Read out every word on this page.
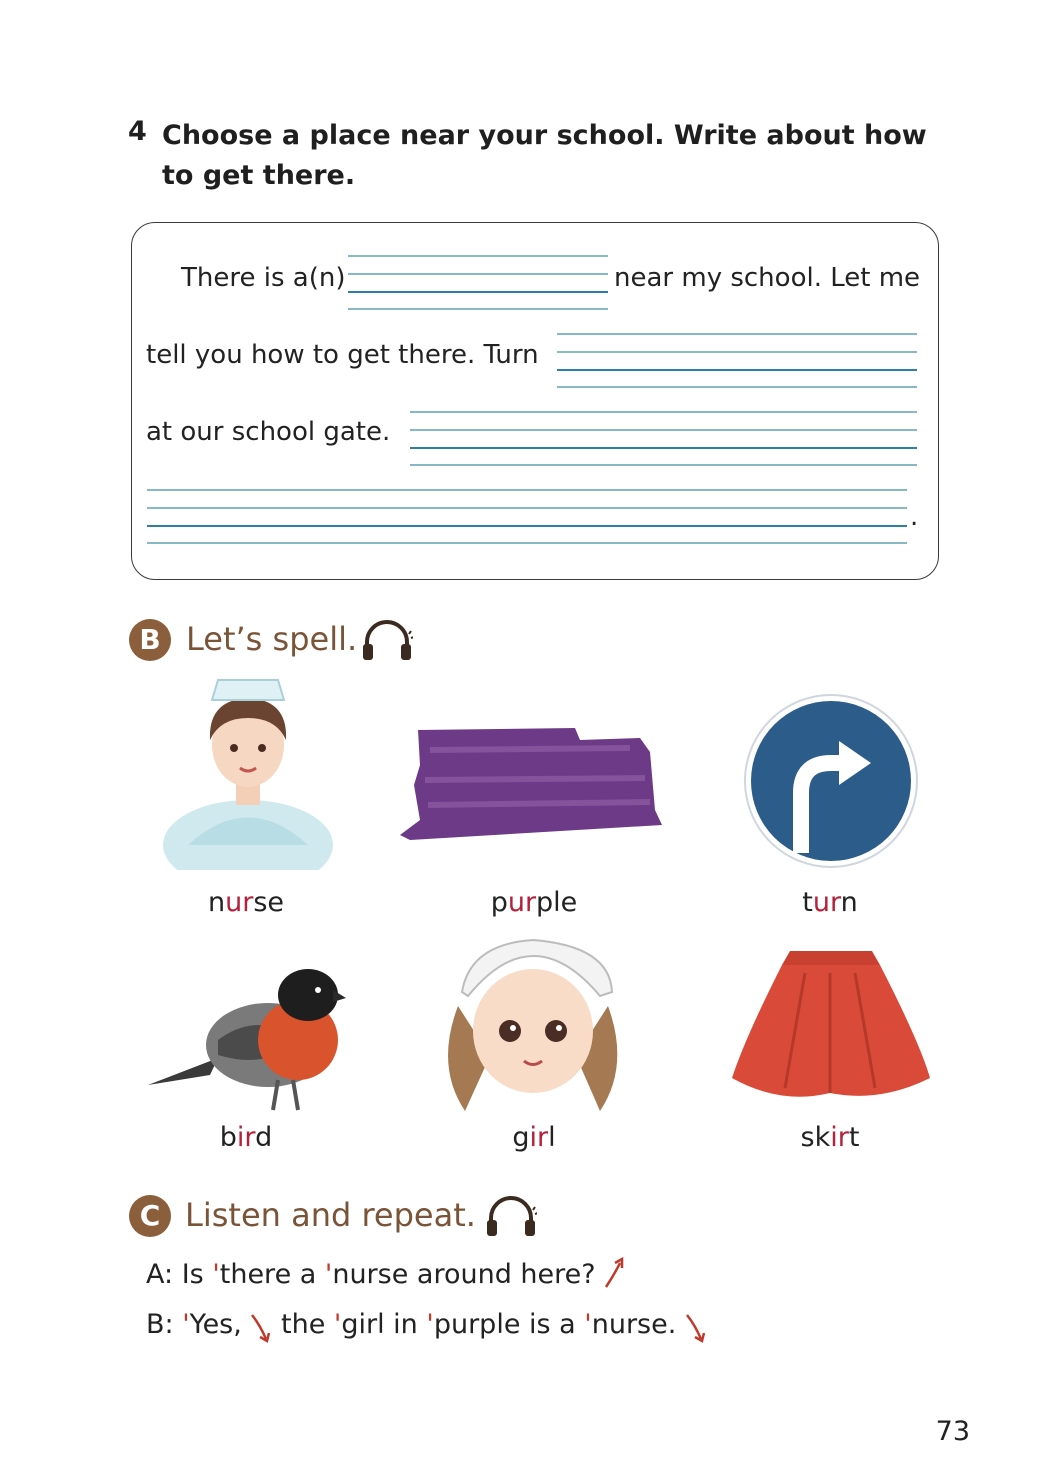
4 Choose a place near your school. Write about how to get there.
There is a(n)	near my school. Let me
tell you how to get there. Turn
at our school gate.
.
B Let’s spell.
nurse	purple	turn
bird	girl	skirt
C Listen and repeat.
A: Is 'there a 'nurse around here?
B: 'Yes,  the 'girl in 'purple is a 'nurse.
73
